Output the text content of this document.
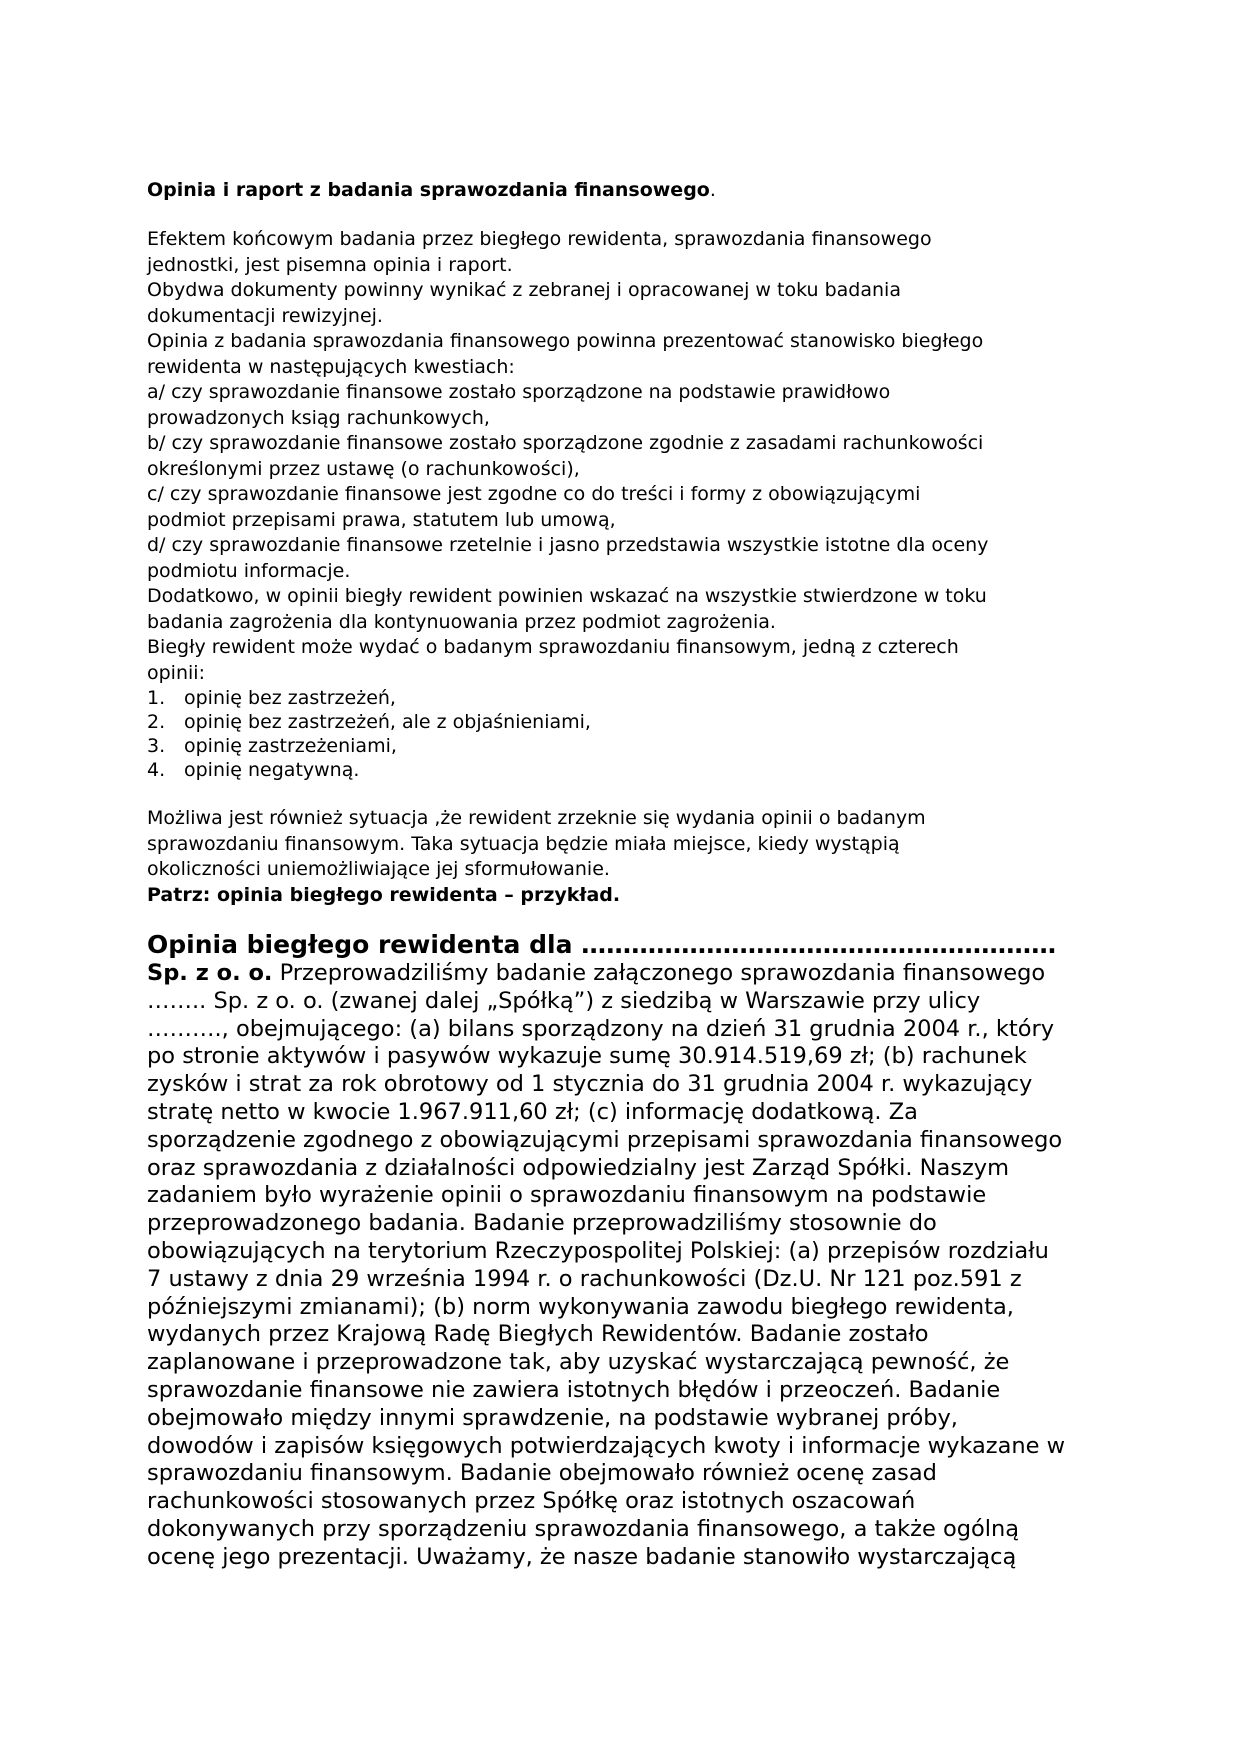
Opinia i raport z badania sprawozdania finansowego.

Efektem końcowym badania przez biegłego rewidenta, sprawozdania finansowego
jednostki, jest pisemna opinia i raport.
Obydwa dokumenty powinny wynikać z zebranej i opracowanej w toku badania
dokumentacji rewizyjnej.
Opinia z badania sprawozdania finansowego powinna prezentować stanowisko biegłego
rewidenta w następujących kwestiach:
a/ czy sprawozdanie finansowe zostało sporządzone na podstawie prawidłowo
prowadzonych ksiąg rachunkowych,
b/ czy sprawozdanie finansowe zostało sporządzone zgodnie z zasadami rachunkowości
określonymi przez ustawę (o rachunkowości),
c/ czy sprawozdanie finansowe jest zgodne co do treści i formy z obowiązującymi
podmiot przepisami prawa, statutem lub umową,
d/ czy sprawozdanie finansowe rzetelnie i jasno przedstawia wszystkie istotne dla oceny
podmiotu informacje.
Dodatkowo, w opinii biegły rewident powinien wskazać na wszystkie stwierdzone w toku
badania zagrożenia dla kontynuowania przez podmiot zagrożenia.
Biegły rewident może wydać o badanym sprawozdaniu finansowym, jedną z czterech
opinii:
1. opinię bez zastrzeżeń,
2. opinię bez zastrzeżeń, ale z objaśnieniami,
3. opinię zastrzeżeniami,
4. opinię negatywną.
Możliwa jest również sytuacja ,że rewident zrzeknie się wydania opinii o badanym
sprawozdaniu finansowym. Taka sytuacja będzie miała miejsce, kiedy wystąpią
okoliczności uniemożliwiające jej sformułowanie.
Patrz: opinia biegłego rewidenta – przykład.
Opinia biegłego rewidenta dla …………………………………………………
Sp. z o. o. Przeprowadziliśmy badanie załączonego sprawozdania finansowego
…….. Sp. z o. o. (zwanej dalej „Spółką”) z siedzibą w Warszawie przy ulicy
………., obejmującego: (a) bilans sporządzony na dzień 31 grudnia 2004 r., który
po stronie aktywów i pasywów wykazuje sumę 30.914.519,69 zł; (b) rachunek
zysków i strat za rok obrotowy od 1 stycznia do 31 grudnia 2004 r. wykazujący
stratę netto w kwocie 1.967.911,60 zł; (c) informację dodatkową. Za
sporządzenie zgodnego z obowiązującymi przepisami sprawozdania finansowego
oraz sprawozdania z działalności odpowiedzialny jest Zarząd Spółki. Naszym
zadaniem było wyrażenie opinii o sprawozdaniu finansowym na podstawie
przeprowadzonego badania. Badanie przeprowadziliśmy stosownie do
obowiązujących na terytorium Rzeczypospolitej Polskiej: (a) przepisów rozdziału
7 ustawy z dnia 29 września 1994 r. o rachunkowości (Dz.U. Nr 121 poz.591 z
późniejszymi zmianami); (b) norm wykonywania zawodu biegłego rewidenta,
wydanych przez Krajową Radę Biegłych Rewidentów. Badanie zostało
zaplanowane i przeprowadzone tak, aby uzyskać wystarczającą pewność, że
sprawozdanie finansowe nie zawiera istotnych błędów i przeoczeń. Badanie
obejmowało między innymi sprawdzenie, na podstawie wybranej próby,
dowodów i zapisów księgowych potwierdzających kwoty i informacje wykazane w
sprawozdaniu finansowym. Badanie obejmowało również ocenę zasad
rachunkowości stosowanych przez Spółkę oraz istotnych oszacowań
dokonywanych przy sporządzeniu sprawozdania finansowego, a także ogólną
ocenę jego prezentacji. Uważamy, że nasze badanie stanowiło wystarczającą
